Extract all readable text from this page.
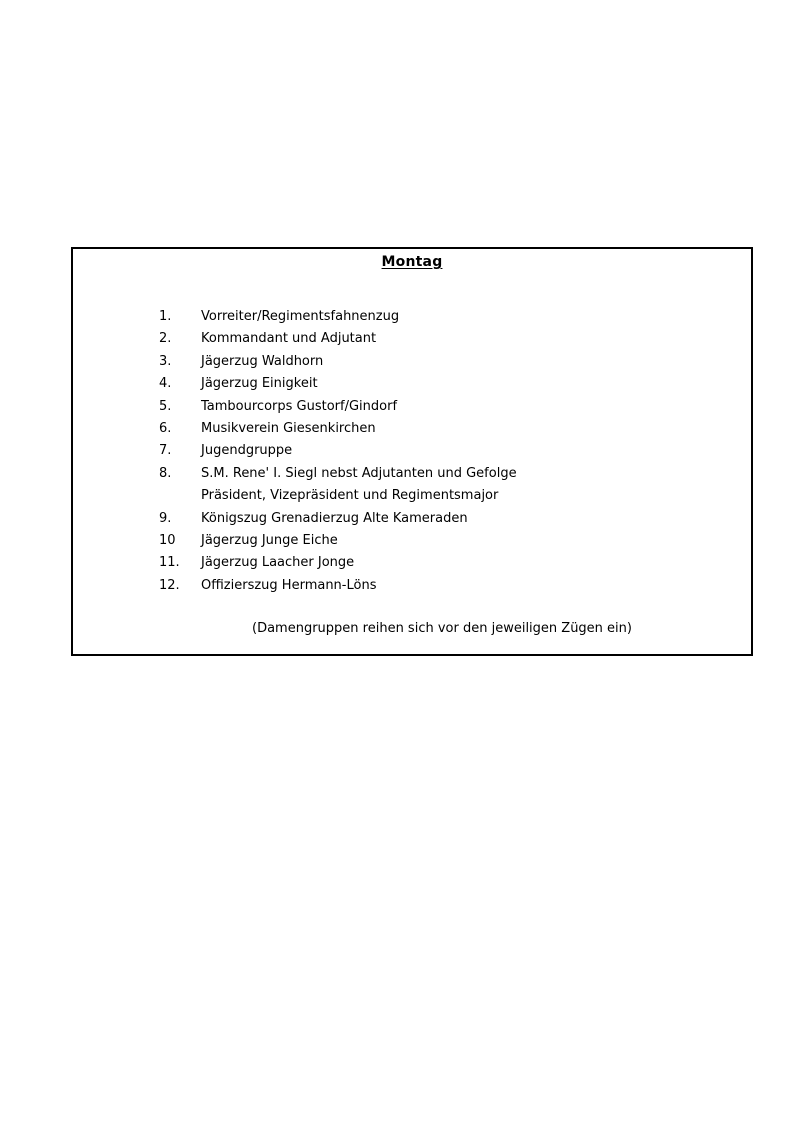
Montag
1.	Vorreiter/Regimentsfahnenzug
2.	Kommandant und Adjutant
3.	Jägerzug Waldhorn
4.	Jägerzug Einigkeit
5.	Tambourcorps Gustorf/Gindorf
6.	Musikverein Giesenkirchen
7.	Jugendgruppe
8.	S.M. Rene' I. Siegl nebst Adjutanten und Gefolge
Präsident, Vizepräsident und Regimentsmajor
9.	Königszug Grenadierzug Alte Kameraden
10	Jägerzug Junge Eiche
11.	Jägerzug Laacher Jonge
12.	Offizierszug Hermann-Löns
(Damengruppen reihen sich vor den jeweiligen Zügen ein)
